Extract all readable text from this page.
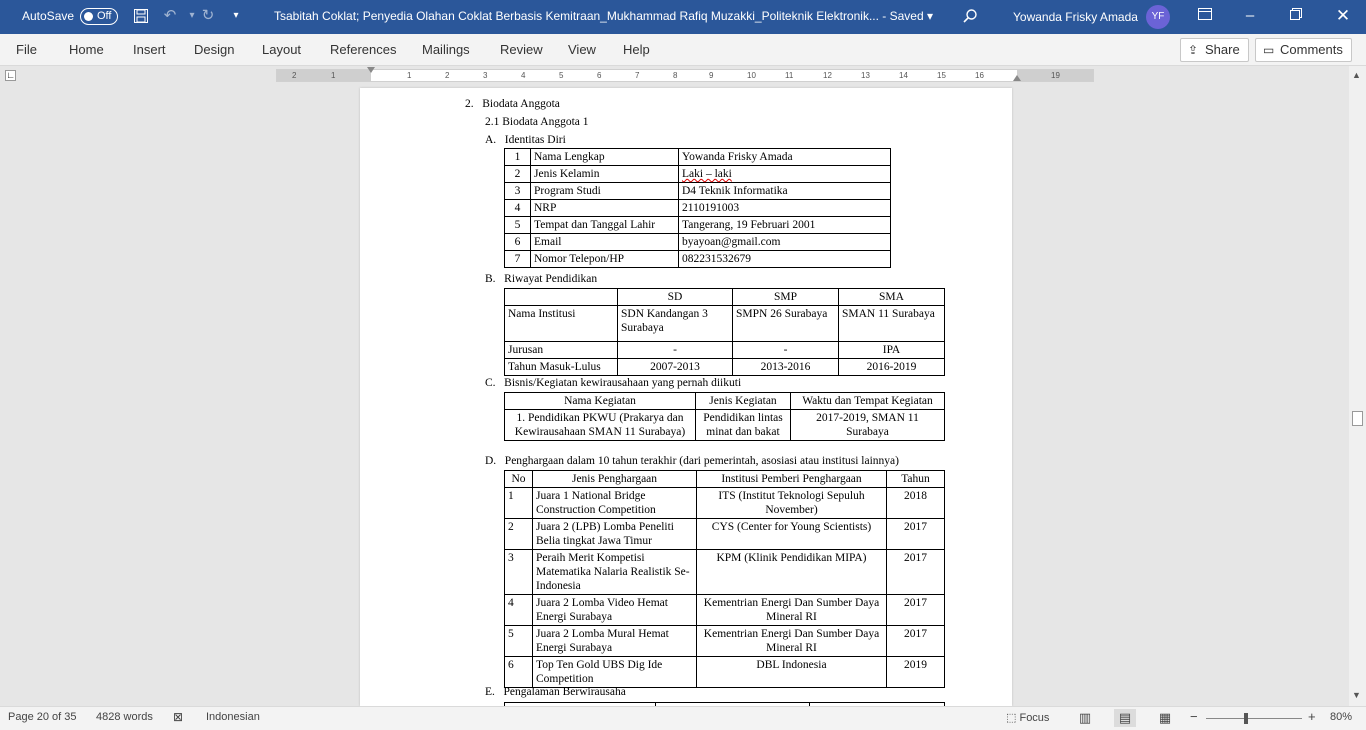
AutoSave Off	↶	▾ ↻	▾	Tsabitah Coklat; Penyedia Olahan Coklat Berbasis Kemitraan_Mukhammad Rafiq Muzakki_Politeknik Elektronik... - Saved ▾	Yowanda Frisky Amada	YF	–	✕
File Home Insert Design Layout References Mailings Review View Help	⇪ Share	▭ Comments
∟	2	1	1	2	3	4	5	6	7	8	9	10	11	12	13	14	15	16	19
2.   Biodata Anggota
2.1 Biodata Anggota 1
A.   Identitas Diri
1	Nama Lengkap	Yowanda Frisky Amada
2	Jenis Kelamin	Laki – laki
3	Program Studi	D4 Teknik Informatika
4	NRP	2110191003
5	Tempat dan Tanggal Lahir	Tangerang, 19 Februari 2001
6	Email	byayoan@gmail.com
7	Nomor Telepon/HP	082231532679
B.   Riwayat Pendidikan
	SD	SMP	SMA
Nama Institusi	SDN Kandangan 3 Surabaya	SMPN 26 Surabaya	SMAN 11 Surabaya
Jurusan	-	-	IPA
Tahun Masuk-Lulus	2007-2013	2013-2016	2016-2019
C.   Bisnis/Kegiatan kewirausahaan yang pernah diikuti
Nama Kegiatan	Jenis Kegiatan	Waktu dan Tempat Kegiatan
1. Pendidikan PKWU (Prakarya dan Kewirausahaan SMAN 11 Surabaya)	Pendidikan lintas minat dan bakat	2017-2019, SMAN 11 Surabaya
D.   Penghargaan dalam 10 tahun terakhir (dari pemerintah, asosiasi atau institusi lainnya)
No	Jenis Penghargaan	Institusi Pemberi Penghargaan	Tahun
1	Juara 1 National Bridge Construction Competition	ITS (Institut Teknologi Sepuluh November)	2018
2	Juara 2 (LPB) Lomba Peneliti Belia tingkat Jawa Timur	CYS (Center for Young Scientists)	2017
3	Peraih Merit Kompetisi Matematika Nalaria Realistik Se-Indonesia	KPM (Klinik Pendidikan MIPA)	2017
4	Juara 2 Lomba Video Hemat Energi Surabaya	Kementrian Energi Dan Sumber Daya Mineral RI	2017
5	Juara 2 Lomba Mural Hemat Energi Surabaya	Kementrian Energi Dan Sumber Daya Mineral RI	2017
6	Top Ten Gold UBS Dig Ide Competition	DBL Indonesia	2019
E.   Pengalaman Berwirausaha
▲
▼
Page 20 of 35 4828 words ⊠ Indonesian	⬚ Focus	▥	▤	▦	−	+ 80%
